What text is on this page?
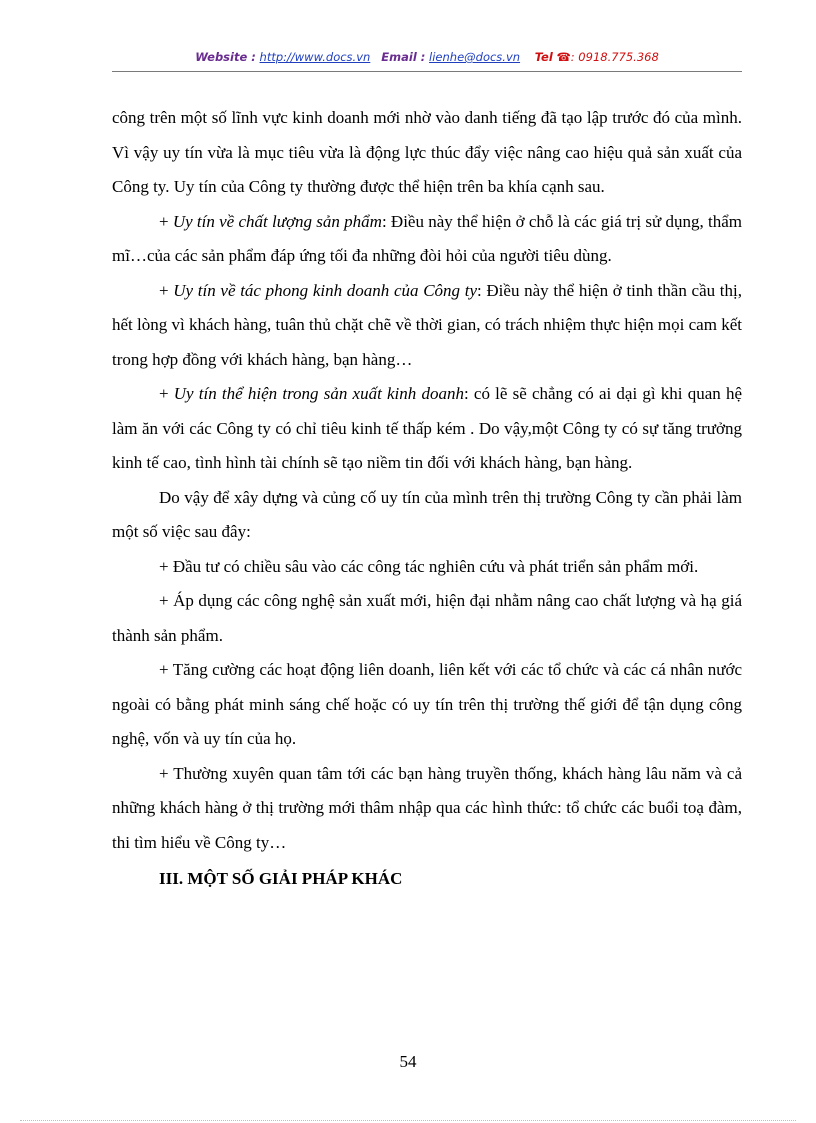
Website : http://www.docs.vn Email : lienhe@docs.vn Tel ☎: 0918.775.368

công trên một số lĩnh vực kinh doanh mới nhờ vào danh tiếng đã tạo lập trước đó của mình. Vì vậy uy tín vừa là mục tiêu vừa là động lực thúc đẩy việc nâng cao hiệu quả sản xuất của Công ty. Uy tín của Công ty thường được thể hiện trên ba khía cạnh sau.

+ Uy tín về chất lượng sản phẩm: Điều này thể hiện ở chỗ là các giá trị sử dụng, thẩm mĩ…của các sản phẩm đáp ứng tối đa những đòi hỏi của người tiêu dùng.

+ Uy tín về tác phong kinh doanh của Công ty: Điều này thể hiện ở tinh thần cầu thị, hết lòng vì khách hàng, tuân thủ chặt chẽ về thời gian, có trách nhiệm thực hiện mọi cam kết trong hợp đồng với khách hàng, bạn hàng…

+ Uy tín thể hiện trong sản xuất kinh doanh: có lẽ sẽ chẳng có ai dại gì khi quan hệ làm ăn với các Công ty có chỉ tiêu kinh tế thấp kém . Do vậy,một Công ty có sự tăng trưởng kinh tế cao, tình hình tài chính sẽ tạo niềm tin đối với khách hàng, bạn hàng.

Do vậy để xây dựng và củng cố uy tín của mình trên thị trường Công ty cần phải làm một số việc sau đây:

+ Đầu tư có chiều sâu vào các công tác nghiên cứu và phát triển sản phẩm mới.

+ Áp dụng các công nghệ sản xuất mới, hiện đại nhằm nâng cao chất lượng và hạ giá thành sản phẩm.

+ Tăng cường các hoạt động liên doanh, liên kết với các tổ chức và các cá nhân nước ngoài có bằng phát minh sáng chế hoặc có uy tín trên thị trường thế giới để tận dụng công nghệ, vốn và uy tín của họ.

+ Thường xuyên quan tâm tới các bạn hàng truyền thống, khách hàng lâu năm và cả những khách hàng ở thị trường mới thâm nhập qua các hình thức: tổ chức các buổi toạ đàm, thi tìm hiểu về Công ty…

III. MỘT SỐ GIẢI PHÁP KHÁC

54
